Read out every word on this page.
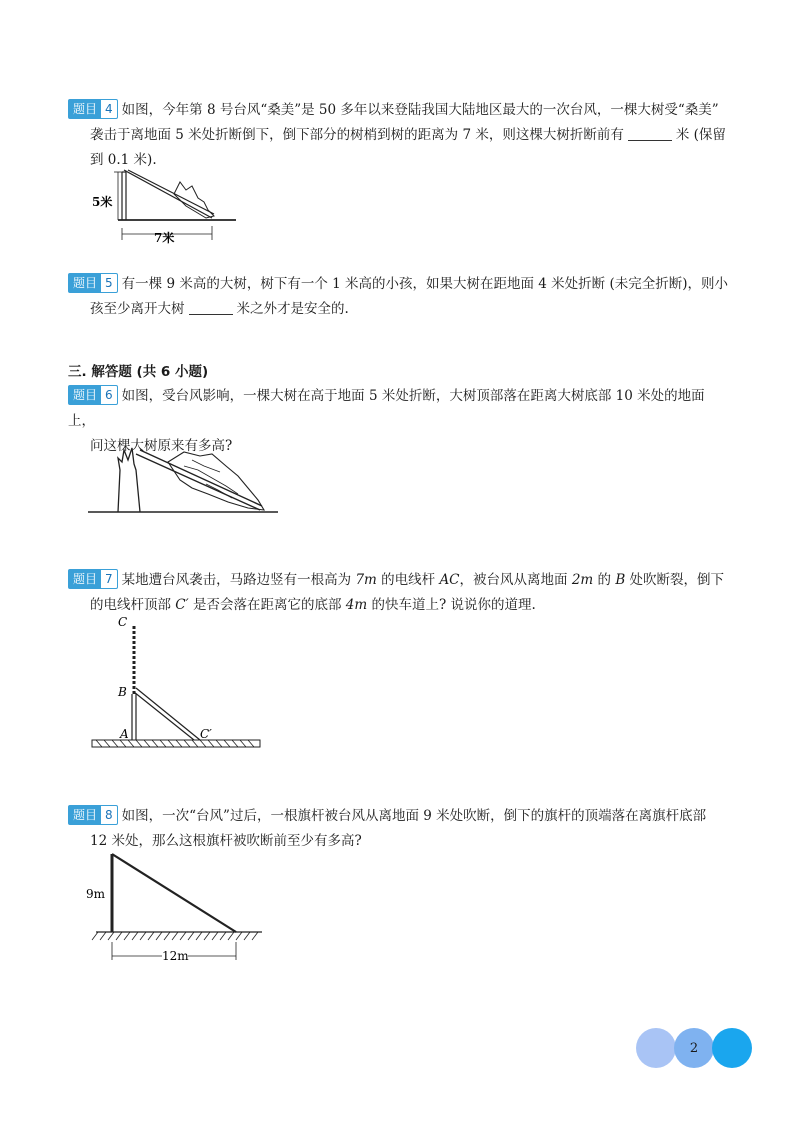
题目 4 如图，今年第 8 号台风“桑美”是 50 多年以来登陆我国大陆地区最大的一次台风，一棵大树受“桑美”
袭击于离地面 5 米处折断倒下，倒下部分的树梢到树的距离为 7 米，则这棵大树折断前有	米 (保留
到 0.1 米).
5米
7米
题目 5 有一棵 9 米高的大树，树下有一个 1 米高的小孩，如果大树在距地面 4 米处折断 (未完全折断)，则小
孩至少离开大树	米之外才是安全的.
三. 解答题 (共 6 小题)
题目 6 如图，受台风影响，一棵大树在高于地面 5 米处折断，大树顶部落在距离大树底部 10 米处的地面上，
问这棵大树原来有多高?
题目 7 某地遭台风袭击，马路边竖有一根高为 7m 的电线杆 AC，被台风从离地面 2m 的 B 处吹断裂，倒下
的电线杆顶部 C′ 是否会落在距离它的底部 4m 的快车道上? 说说你的道理.
C
B
A	C′
题目 8 如图，一次“台风”过后，一根旗杆被台风从离地面 9 米处吹断，倒下的旗杆的顶端落在离旗杆底部
12 米处，那么这根旗杆被吹断前至少有多高?
9m
12m
2
